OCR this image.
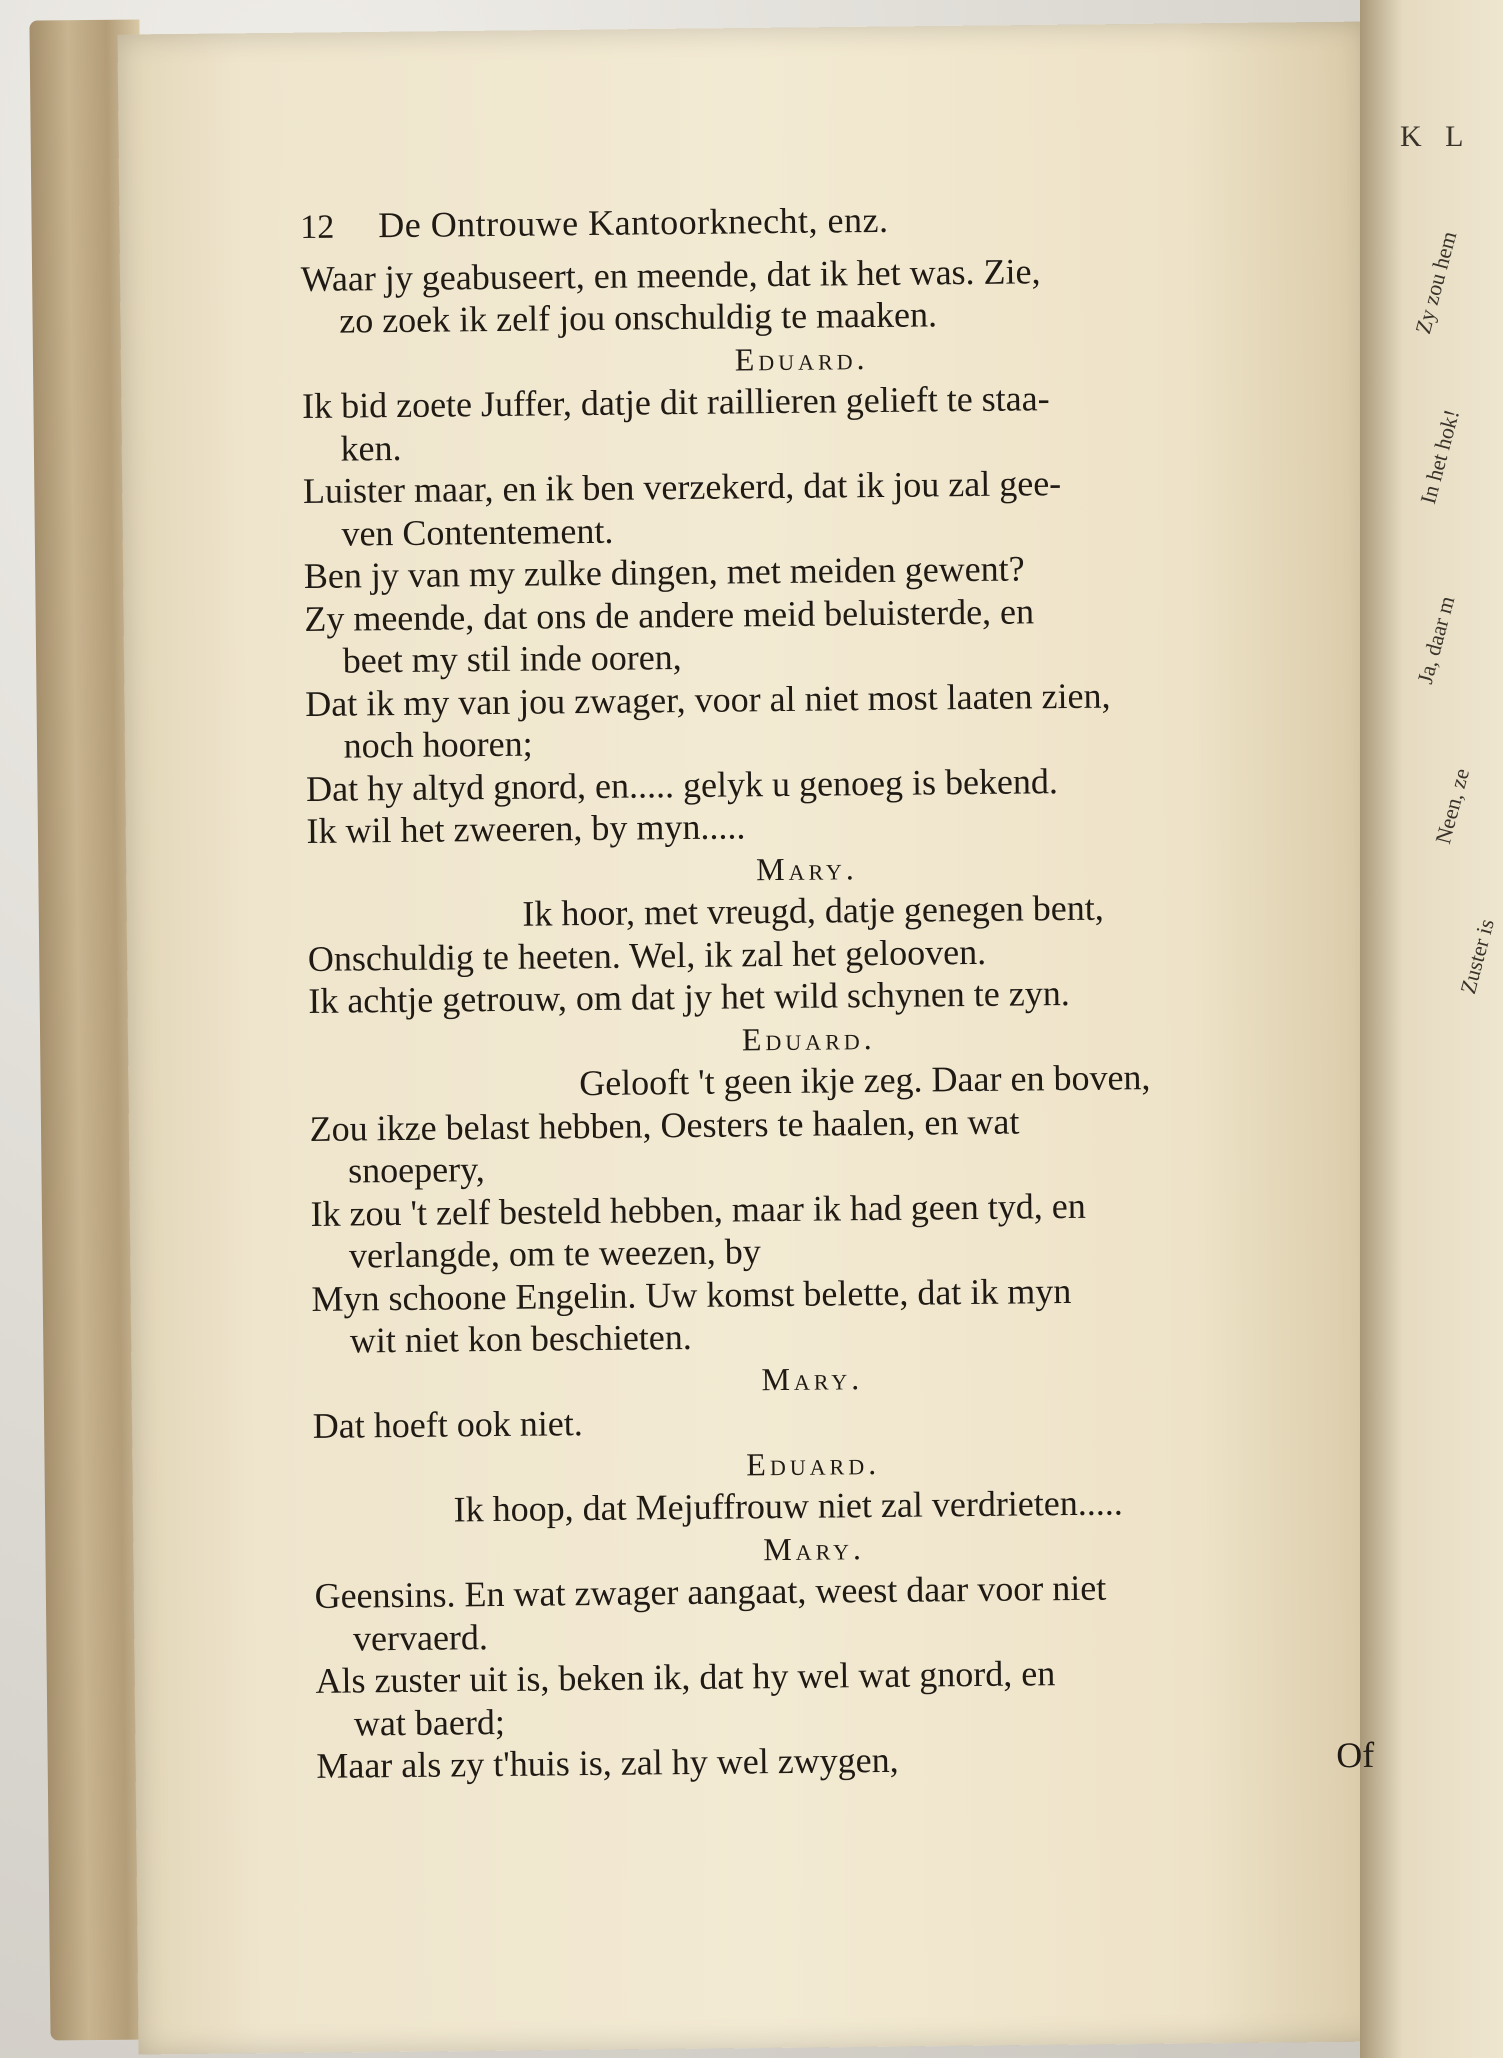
K L
Zy zou hem
In het hok!
Ja, daar m
Neen, ze
Zuster is
12 De Ontrouwe Kantoorknecht, enz.
Waar jy geabuseert, en meende, dat ik het was. Zie,
zo zoek ik zelf jou onschuldig te maaken.
Eduard.
Ik bid zoete Juffer, datje dit raillieren gelieft te staa-
ken.
Luister maar, en ik ben verzekerd, dat ik jou zal gee-
ven Contentement.
Ben jy van my zulke dingen, met meiden gewent?
Zy meende, dat ons de andere meid beluisterde, en
beet my stil inde ooren,
Dat ik my van jou zwager, voor al niet most laaten zien,
noch hooren;
Dat hy altyd gnord, en..... gelyk u genoeg is bekend.
Ik wil het zweeren, by myn.....
Mary.
Ik hoor, met vreugd, datje genegen bent,
Onschuldig te heeten. Wel, ik zal het gelooven.
Ik achtje getrouw, om dat jy het wild schynen te zyn.
Eduard.
Gelooft 't geen ikje zeg. Daar en boven,
Zou ikze belast hebben, Oesters te haalen, en wat
snoepery,
Ik zou 't zelf besteld hebben, maar ik had geen tyd, en
verlangde, om te weezen, by
Myn schoone Engelin. Uw komst belette, dat ik myn
wit niet kon beschieten.
Mary.
Dat hoeft ook niet.
Eduard.
Ik hoop, dat Mejuffrouw niet zal verdrieten.....
Mary.
Geensins. En wat zwager aangaat, weest daar voor niet
vervaerd.
Als zuster uit is, beken ik, dat hy wel wat gnord, en
wat baerd;
Maar als zy t'huis is, zal hy wel zwygen,	Of
